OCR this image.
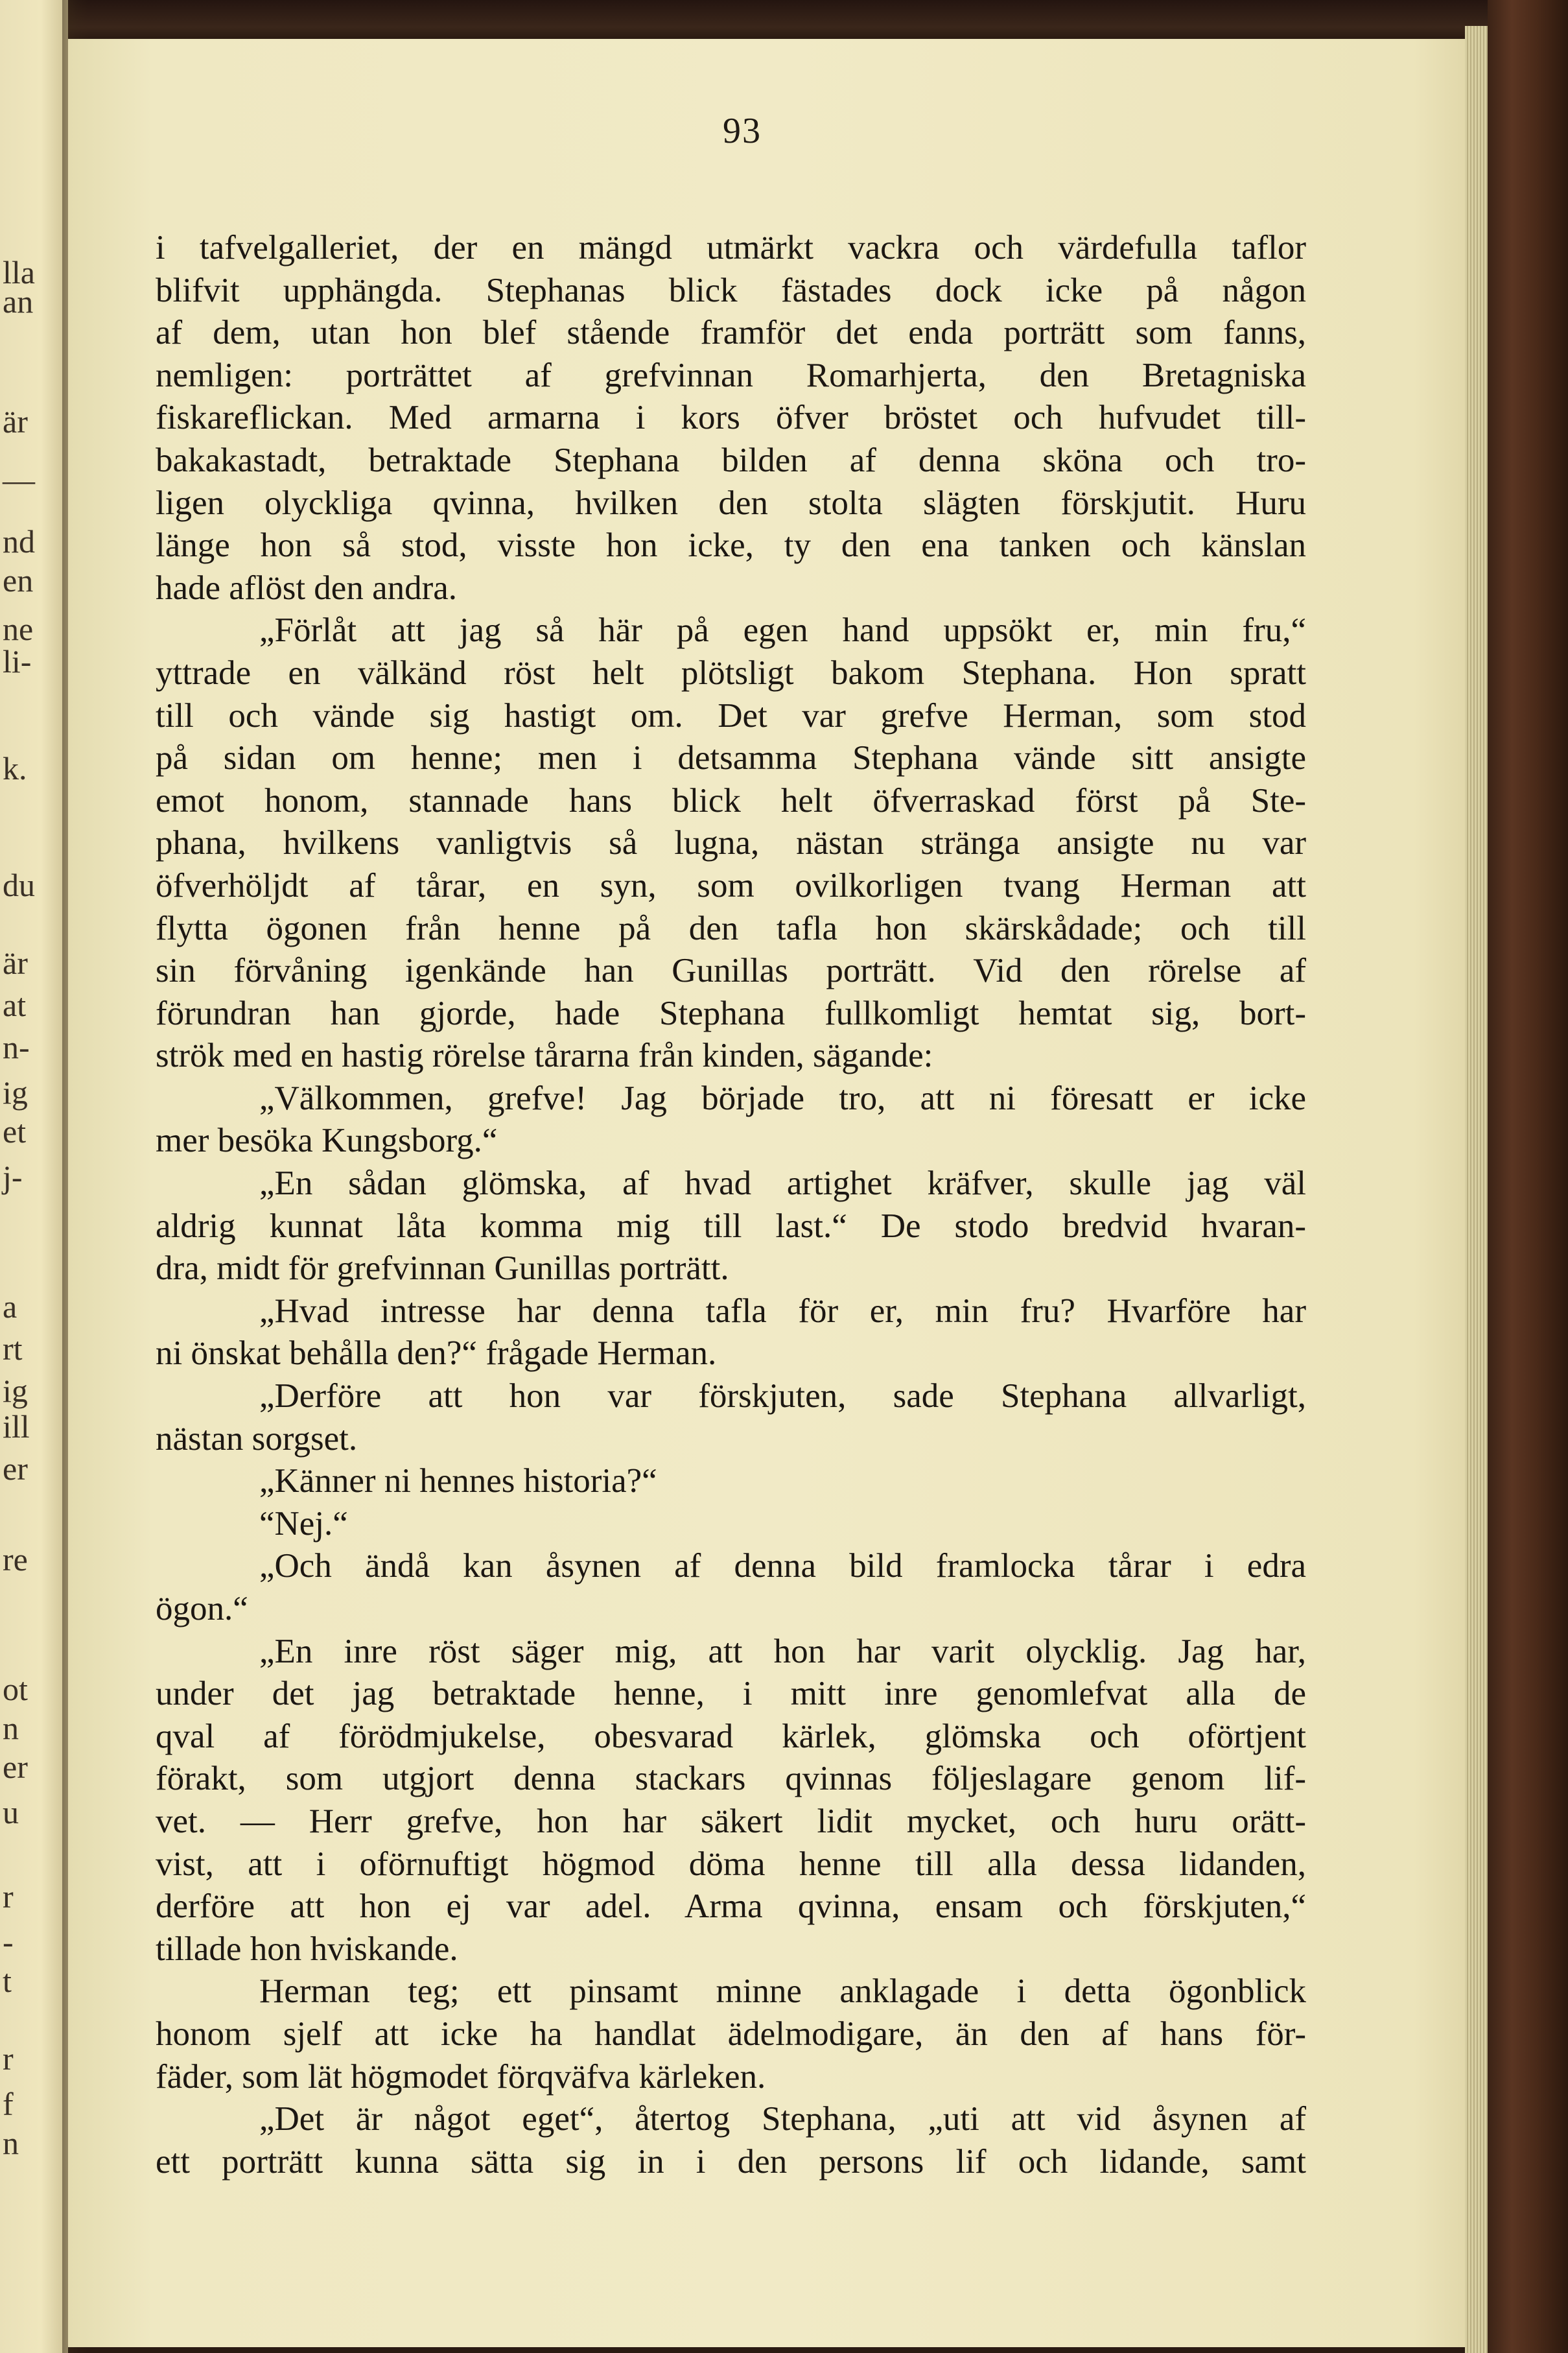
lla
an
är
—
nd
en
ne
li-
k.
du
är
at
n-
ig
et
j-
a
rt
ig
ill
er
re
ot
n
er
u
r
-
t
r
f
n
93
i tafvelgalleriet, der en mängd utmärkt vackra och värdefulla taflor
blifvit upphängda. Stephanas blick fästades dock icke på någon
af dem, utan hon blef stående framför det enda porträtt som fanns,
nemligen: porträttet af grefvinnan Romarhjerta, den Bretagniska
fiskareflickan. Med armarna i kors öfver bröstet och hufvudet till-
bakakastadt, betraktade Stephana bilden af denna sköna och tro-
ligen olyckliga qvinna, hvilken den stolta slägten förskjutit. Huru
länge hon så stod, visste hon icke, ty den ena tanken och känslan
hade aflöst den andra.
„Förlåt att jag så här på egen hand uppsökt er, min fru,“
yttrade en välkänd röst helt plötsligt bakom Stephana. Hon spratt
till och vände sig hastigt om. Det var grefve Herman, som stod
på sidan om henne; men i detsamma Stephana vände sitt ansigte
emot honom, stannade hans blick helt öfverraskad först på Ste-
phana, hvilkens vanligtvis så lugna, nästan stränga ansigte nu var
öfverhöljdt af tårar, en syn, som ovilkorligen tvang Herman att
flytta ögonen från henne på den tafla hon skärskådade; och till
sin förvåning igenkände han Gunillas porträtt. Vid den rörelse af
förundran han gjorde, hade Stephana fullkomligt hemtat sig, bort-
strök med en hastig rörelse tårarna från kinden, sägande:
„Välkommen, grefve! Jag började tro, att ni föresatt er icke
mer besöka Kungsborg.“
„En sådan glömska, af hvad artighet kräfver, skulle jag väl
aldrig kunnat låta komma mig till last.“ De stodo bredvid hvaran-
dra, midt för grefvinnan Gunillas porträtt.
„Hvad intresse har denna tafla för er, min fru? Hvarföre har
ni önskat behålla den?“ frågade Herman.
„Derföre att hon var förskjuten, sade Stephana allvarligt,
nästan sorgset.
„Känner ni hennes historia?“
“Nej.“
„Och ändå kan åsynen af denna bild framlocka tårar i edra
ögon.“
„En inre röst säger mig, att hon har varit olycklig. Jag har,
under det jag betraktade henne, i mitt inre genomlefvat alla de
qval af förödmjukelse, obesvarad kärlek, glömska och oförtjent
förakt, som utgjort denna stackars qvinnas följeslagare genom lif-
vet. — Herr grefve, hon har säkert lidit mycket, och huru orätt-
vist, att i oförnuftigt högmod döma henne till alla dessa lidanden,
derföre att hon ej var adel. Arma qvinna, ensam och förskjuten,“
tillade hon hviskande.
Herman teg; ett pinsamt minne anklagade i detta ögonblick
honom sjelf att icke ha handlat ädelmodigare, än den af hans för-
fäder, som lät högmodet förqväfva kärleken.
„Det är något eget“, återtog Stephana, „uti att vid åsynen af
ett porträtt kunna sätta sig in i den persons lif och lidande, samt
